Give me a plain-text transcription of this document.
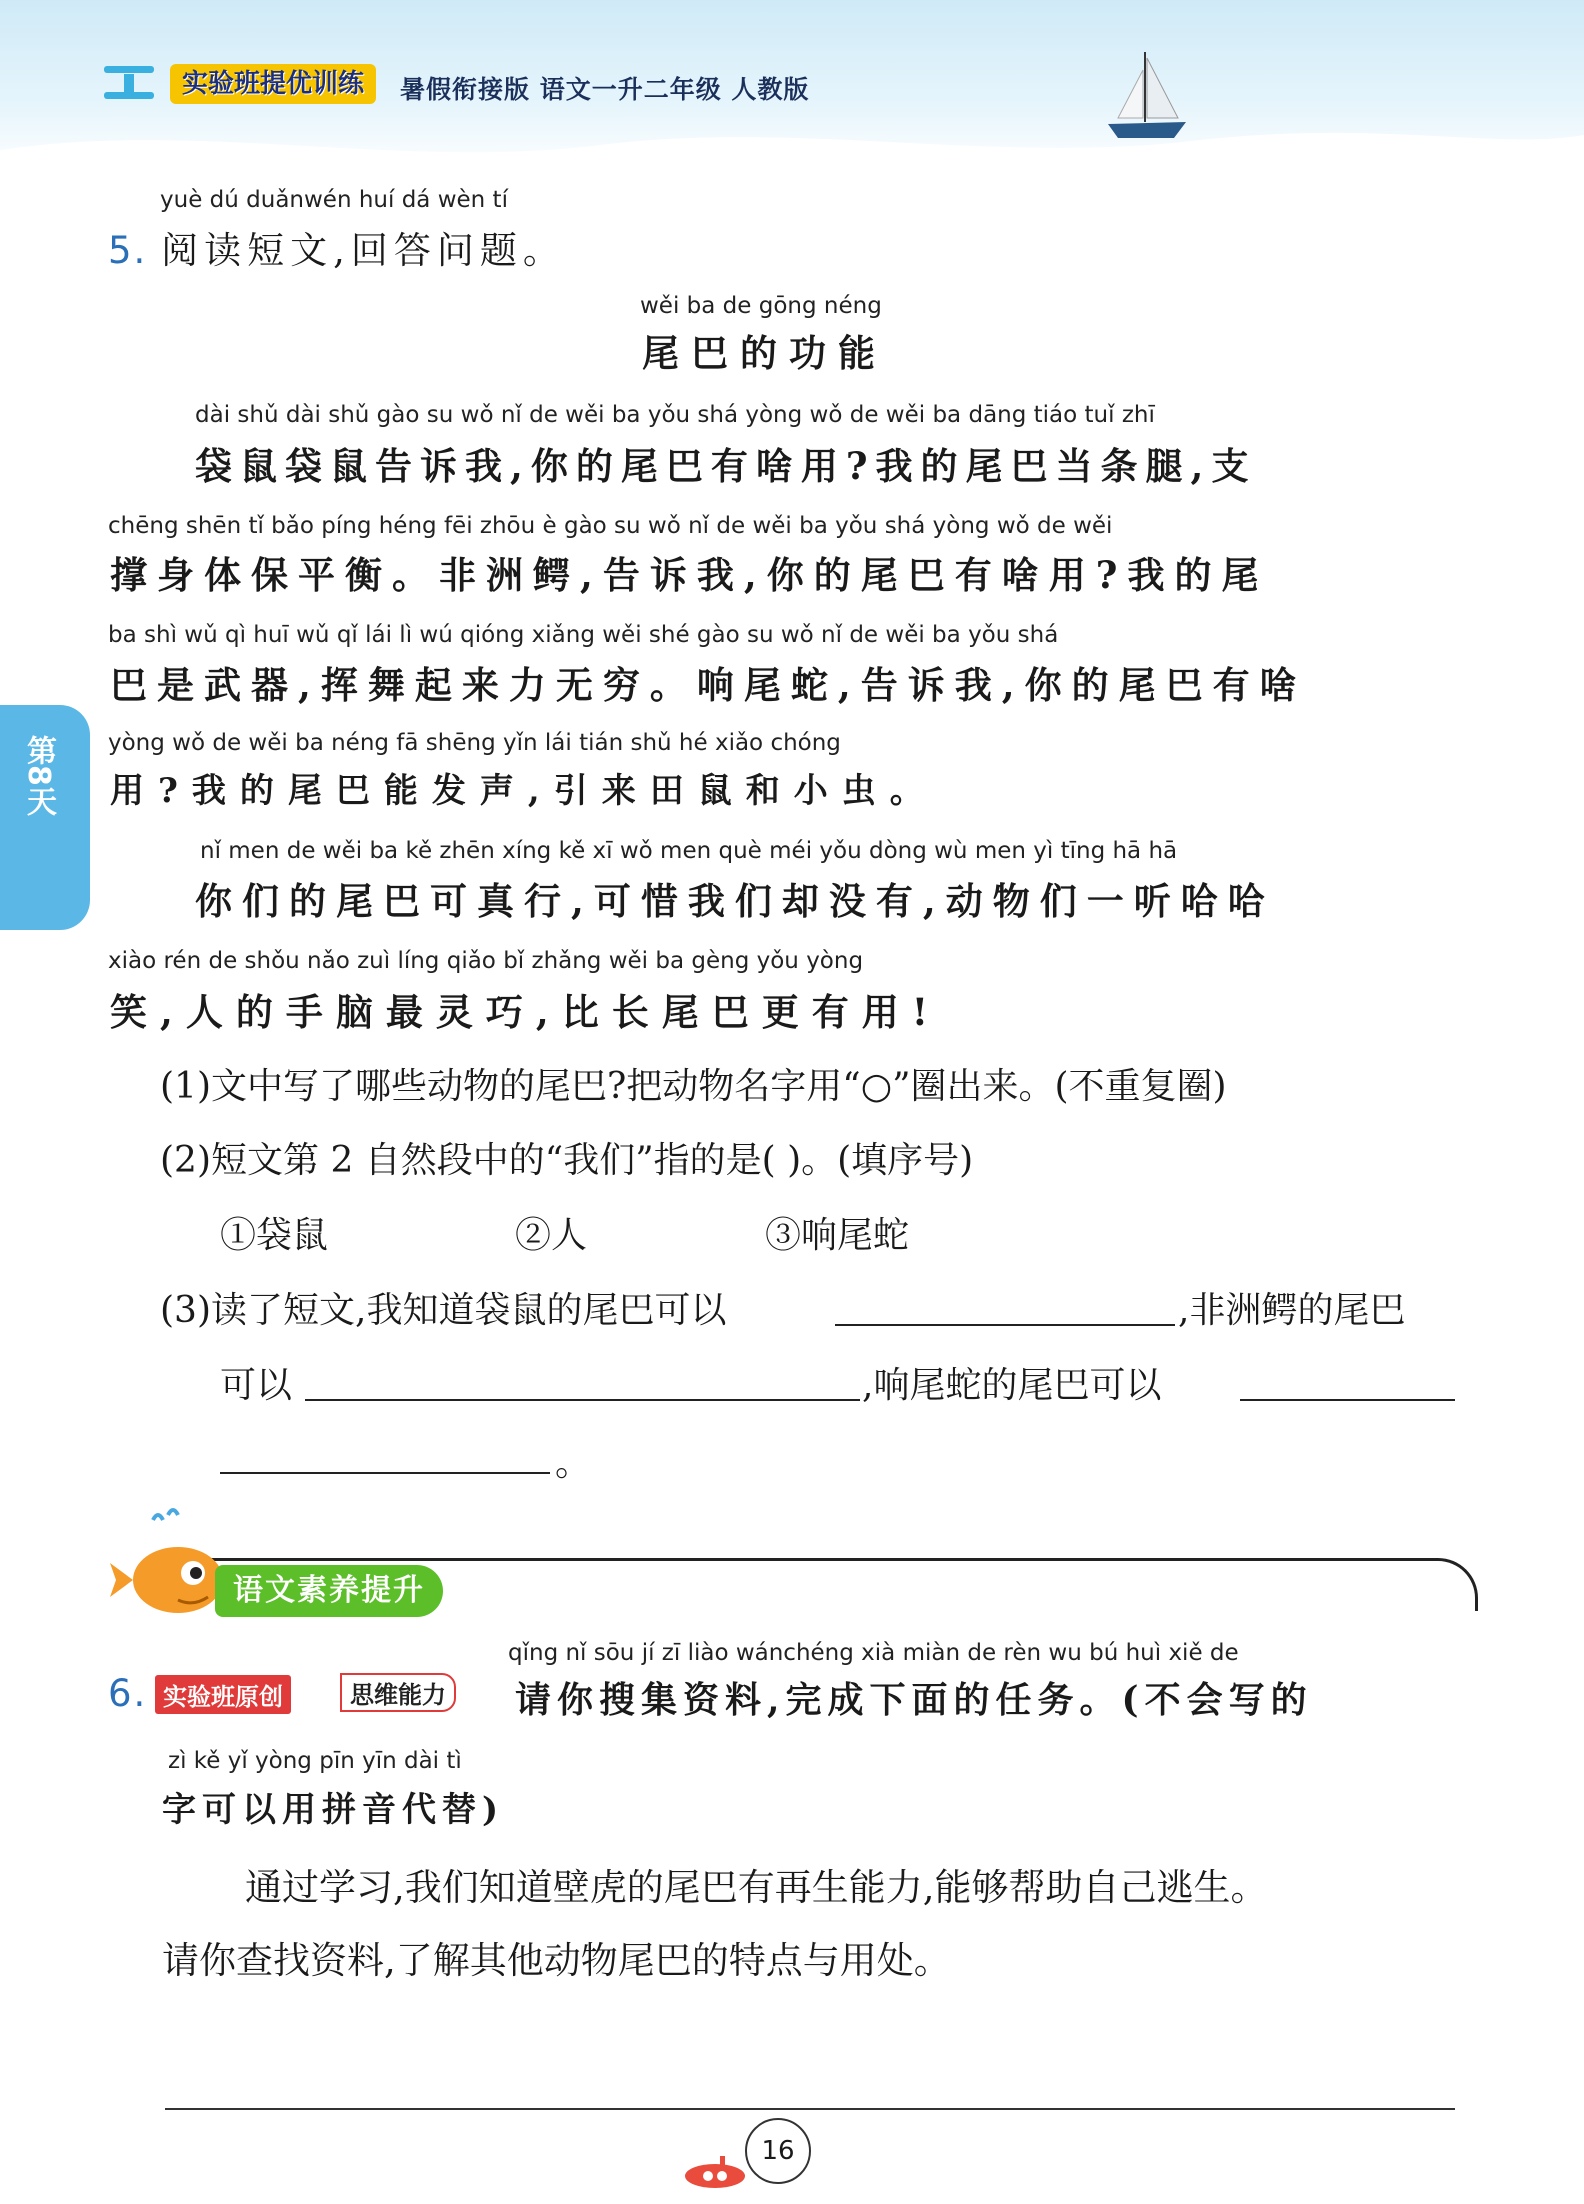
实验班提优训练	暑假衔接版 语文一升二年级 人教版
第8天
yuè dú duǎnwén huí dá wèn tí
5. 阅读短文,回答问题。
wěi ba de gōng néng
尾巴的功能
dài shǔ dài shǔ gào su wǒ nǐ de wěi ba yǒu shá yòng wǒ de wěi ba dāng tiáo tuǐ zhī
袋鼠袋鼠告诉我,你的尾巴有啥用?我的尾巴当条腿,支
chēng shēn tǐ bǎo píng héng fēi zhōu è gào su wǒ nǐ de wěi ba yǒu shá yòng wǒ de wěi
撑身体保平衡。非洲鳄,告诉我,你的尾巴有啥用?我的尾
ba shì wǔ qì huī wǔ qǐ lái lì wú qióng xiǎng wěi shé gào su wǒ nǐ de wěi ba yǒu shá
巴是武器,挥舞起来力无穷。响尾蛇,告诉我,你的尾巴有啥
yòng wǒ de wěi ba néng fā shēng yǐn lái tián shǔ hé xiǎo chóng
用?我的尾巴能发声,引来田鼠和小虫。
nǐ men de wěi ba kě zhēn xíng kě xī wǒ men què méi yǒu dòng wù men yì tīng hā hā
你们的尾巴可真行,可惜我们却没有,动物们一听哈哈
xiào rén de shǒu nǎo zuì líng qiǎo bǐ zhǎng wěi ba gèng yǒu yòng
笑,人的手脑最灵巧,比长尾巴更有用!
(1)文中写了哪些动物的尾巴?把动物名字用“○”圈出来。(不重复圈)
(2)短文第 2 自然段中的“我们”指的是( )。(填序号)
①袋鼠	②人	③响尾蛇
(3)读了短文,我知道袋鼠的尾巴可以	,非洲鳄的尾巴
可以	,响尾蛇的尾巴可以
。
语文素养提升
qǐng nǐ sōu jí zī liào wánchéng xià miàn de rèn wu bú huì xiě de
6. 实验班原创	思维能力 请你搜集资料,完成下面的任务。(不会写的
zì kě yǐ yòng pīn yīn dài tì
字可以用拼音代替)
通过学习,我们知道壁虎的尾巴有再生能力,能够帮助自己逃生。
请你查找资料,了解其他动物尾巴的特点与用处。
16
